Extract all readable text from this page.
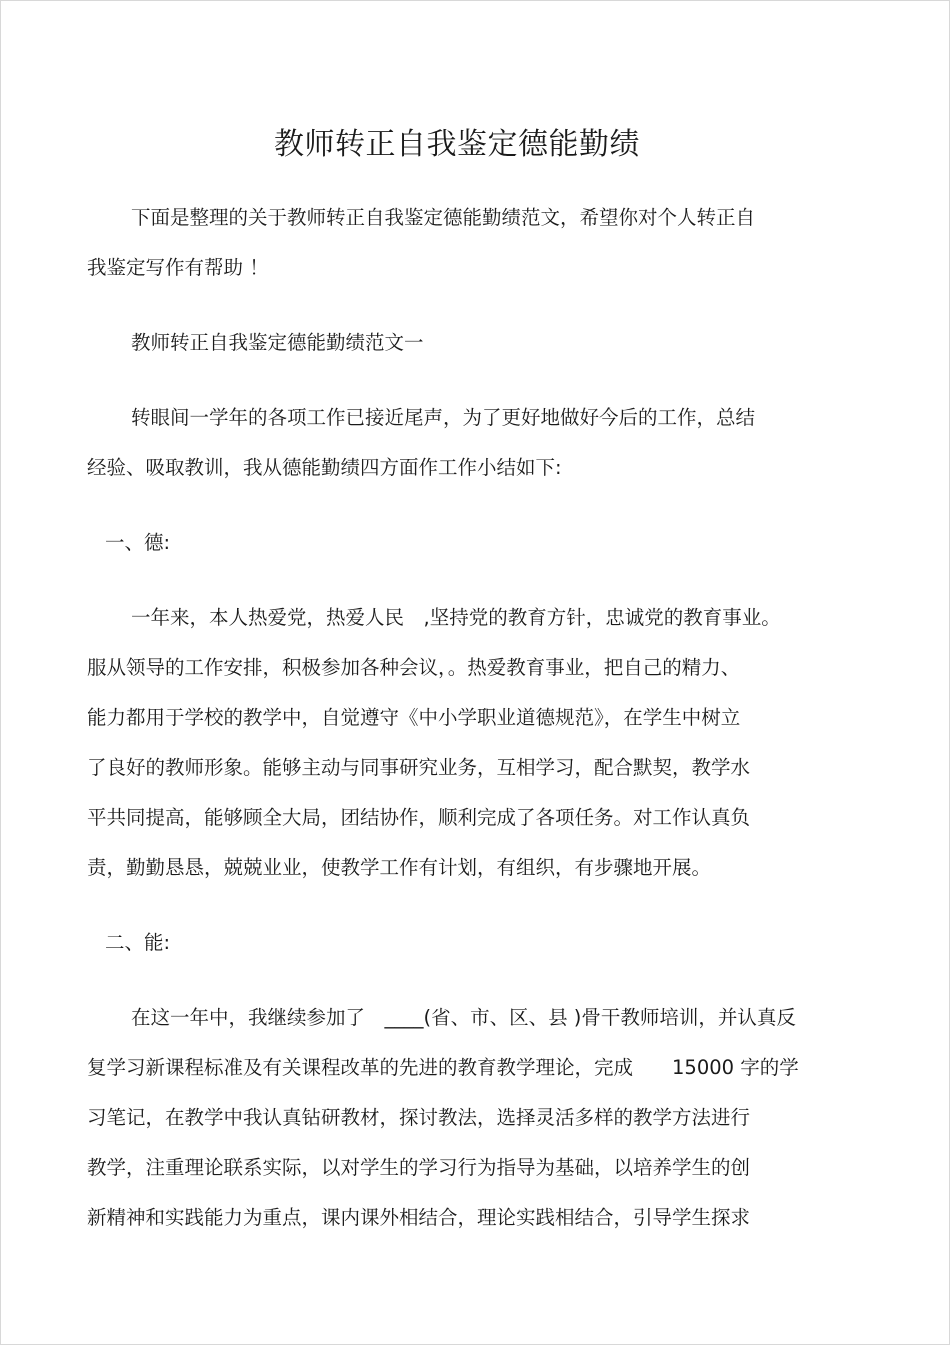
教师转正自我鉴定德能勤绩
下面是整理的关于教师转正自我鉴定德能勤绩范文，希望你对个人转正自
我鉴定写作有帮助 ！
教师转正自我鉴定德能勤绩范文一
转眼间一学年的各项工作已接近尾声，为了更好地做好今后的工作，总结
经验、吸取教训，我从德能勤绩四方面作工作小结如下:
一、德:
一年来，本人热爱党，热爱人民　,坚持党的教育方针，忠诚党的教育事业。
服从领导的工作安排，积极参加各种会议，。热爱教育事业，把自己的精力、
能力都用于学校的教学中，自觉遵守《中小学职业道德规范》，在学生中树立
了良好的教师形象。能够主动与同事研究业务，互相学习，配合默契，教学水
平共同提高，能够顾全大局，团结协作，顺利完成了各项任务。对工作认真负
责，勤勤恳恳，兢兢业业，使教学工作有计划，有组织，有步骤地开展。
二、能:
在这一年中，我继续参加了　____(省、市、区、县 )骨干教师培训，并认真反
复学习新课程标准及有关课程改革的先进的教育教学理论，完成　　15000 字的学
习笔记，在教学中我认真钻研教材，探讨教法，选择灵活多样的教学方法进行
教学，注重理论联系实际，以对学生的学习行为指导为基础，以培养学生的创
新精神和实践能力为重点，课内课外相结合，理论实践相结合，引导学生探求
